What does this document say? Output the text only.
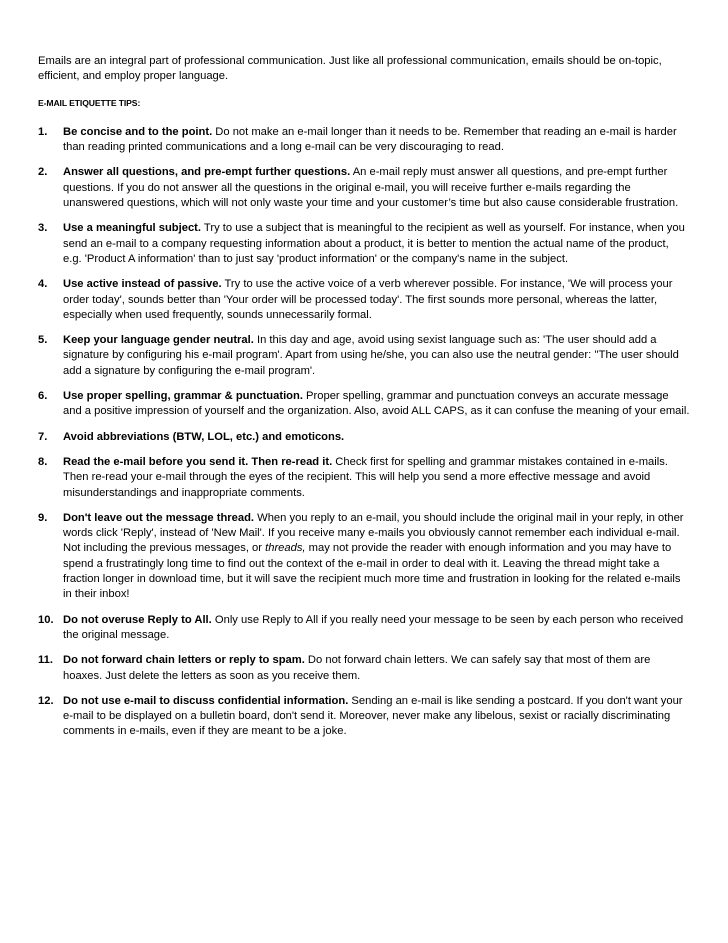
Emails are an integral part of professional communication. Just like all professional communication, emails should be on-topic, efficient, and employ proper language.

E-MAIL ETIQUETTE TIPS:
1. Be concise and to the point. Do not make an e-mail longer than it needs to be. Remember that reading an e-mail is harder than reading printed communications and a long e-mail can be very discouraging to read.
2. Answer all questions, and pre-empt further questions. An e-mail reply must answer all questions, and pre-empt further questions. If you do not answer all the questions in the original e-mail, you will receive further e-mails regarding the unanswered questions, which will not only waste your time and your customer’s time but also cause considerable frustration.
3. Use a meaningful subject. Try to use a subject that is meaningful to the recipient as well as yourself. For instance, when you send an e-mail to a company requesting information about a product, it is better to mention the actual name of the product, e.g. 'Product A information' than to just say 'product information' or the company's name in the subject.
4. Use active instead of passive. Try to use the active voice of a verb wherever possible. For instance, 'We will process your order today', sounds better than 'Your order will be processed today'. The first sounds more personal, whereas the latter, especially when used frequently, sounds unnecessarily formal.
5. Keep your language gender neutral. In this day and age, avoid using sexist language such as: 'The user should add a signature by configuring his e-mail program'. Apart from using he/she, you can also use the neutral gender: ''The user should add a signature by configuring the e-mail program'.
6. Use proper spelling, grammar & punctuation. Proper spelling, grammar and punctuation conveys an accurate message and a positive impression of yourself and the organization. Also, avoid ALL CAPS, as it can confuse the meaning of your email.
7. Avoid abbreviations (BTW, LOL, etc.) and emoticons.
8. Read the e-mail before you send it. Then re-read it. Check first for spelling and grammar mistakes contained in e-mails. Then re-read your e-mail through the eyes of the recipient. This will help you send a more effective message and avoid misunderstandings and inappropriate comments.
9. Don't leave out the message thread. When you reply to an e-mail, you should include the original mail in your reply, in other words click 'Reply', instead of 'New Mail'. If you receive many e-mails you obviously cannot remember each individual e-mail. Not including the previous messages, or threads, may not provide the reader with enough information and you may have to spend a frustratingly long time to find out the context of the e-mail in order to deal with it. Leaving the thread might take a fraction longer in download time, but it will save the recipient much more time and frustration in looking for the related e-mails in their inbox!
10. Do not overuse Reply to All. Only use Reply to All if you really need your message to be seen by each person who received the original message.
11. Do not forward chain letters or reply to spam. Do not forward chain letters. We can safely say that most of them are hoaxes. Just delete the letters as soon as you receive them.
12. Do not use e-mail to discuss confidential information. Sending an e-mail is like sending a postcard. If you don't want your e-mail to be displayed on a bulletin board, don't send it. Moreover, never make any libelous, sexist or racially discriminating comments in e-mails, even if they are meant to be a joke.
